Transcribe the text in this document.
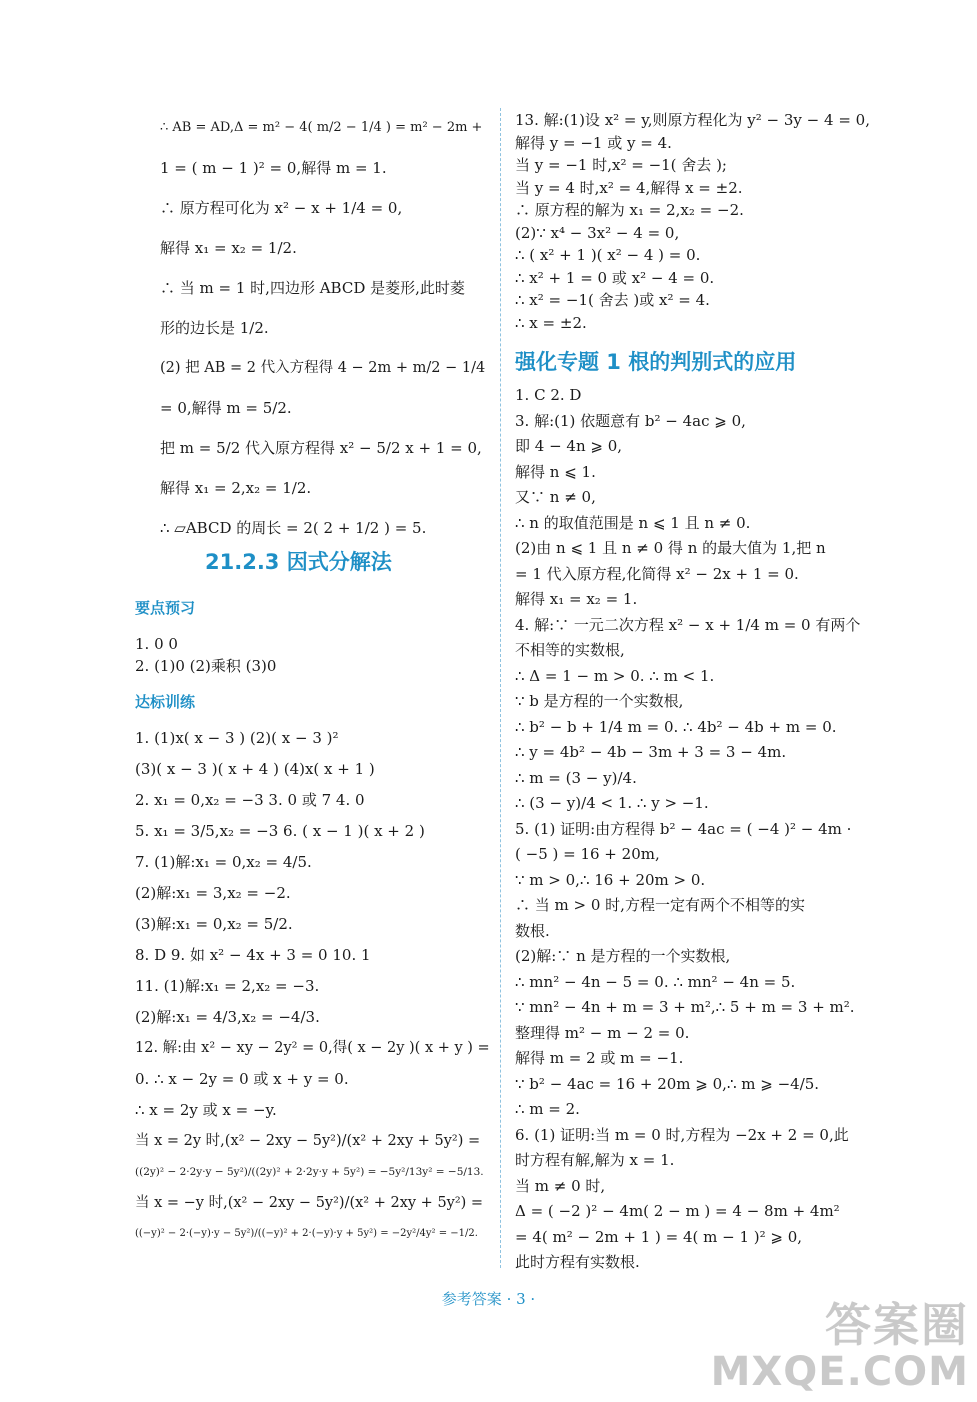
∴ AB = AD,Δ = m² − 4( m/2 − 1/4 ) = m² − 2m +
1 = ( m − 1 )² = 0,解得 m = 1.
∴ 原方程可化为 x² − x + 1/4 = 0,
解得 x₁ = x₂ = 1/2.
∴ 当 m = 1 时,四边形 ABCD 是菱形,此时菱
形的边长是 1/2.
(2) 把 AB = 2 代入方程得 4 − 2m + m/2 − 1/4
= 0,解得 m = 5/2.
把 m = 5/2 代入原方程得 x² − 5/2 x + 1 = 0,
解得 x₁ = 2,x₂ = 1/2.
∴ ▱ABCD 的周长 = 2( 2 + 1/2 ) = 5.
21.2.3 因式分解法
要点预习
1. 0 0
2. (1)0 (2)乘积 (3)0
达标训练
1. (1)x( x − 3 ) (2)( x − 3 )²
(3)( x − 3 )( x + 4 ) (4)x( x + 1 )
2. x₁ = 0,x₂ = −3 3. 0 或 7 4. 0
5. x₁ = 3/5,x₂ = −3 6. ( x − 1 )( x + 2 )
7. (1)解:x₁ = 0,x₂ = 4/5.
(2)解:x₁ = 3,x₂ = −2.
(3)解:x₁ = 0,x₂ = 5/2.
8. D 9. 如 x² − 4x + 3 = 0 10. 1
11. (1)解:x₁ = 2,x₂ = −3.
(2)解:x₁ = 4/3,x₂ = −4/3.
12. 解:由 x² − xy − 2y² = 0,得( x − 2y )( x + y ) =
0. ∴ x − 2y = 0 或 x + y = 0.
∴ x = 2y 或 x = −y.
当 x = 2y 时,(x² − 2xy − 5y²)/(x² + 2xy + 5y²) =
((2y)² − 2·2y·y − 5y²)/((2y)² + 2·2y·y + 5y²) = −5y²/13y² = −5/13.
当 x = −y 时,(x² − 2xy − 5y²)/(x² + 2xy + 5y²) =
((−y)² − 2·(−y)·y − 5y²)/((−y)² + 2·(−y)·y + 5y²) = −2y²/4y² = −1/2.
13. 解:(1)设 x² = y,则原方程化为 y² − 3y − 4 = 0,
解得 y = −1 或 y = 4.
当 y = −1 时,x² = −1( 舍去 );
当 y = 4 时,x² = 4,解得 x = ±2.
∴ 原方程的解为 x₁ = 2,x₂ = −2.
(2)∵ x⁴ − 3x² − 4 = 0,
∴ ( x² + 1 )( x² − 4 ) = 0.
∴ x² + 1 = 0 或 x² − 4 = 0.
∴ x² = −1( 舍去 )或 x² = 4.
∴ x = ±2.
强化专题 1 根的判别式的应用
1. C 2. D
3. 解:(1) 依题意有 b² − 4ac ⩾ 0,
即 4 − 4n ⩾ 0,
解得 n ⩽ 1.
又∵ n ≠ 0,
∴ n 的取值范围是 n ⩽ 1 且 n ≠ 0.
(2)由 n ⩽ 1 且 n ≠ 0 得 n 的最大值为 1,把 n
= 1 代入原方程,化简得 x² − 2x + 1 = 0.
解得 x₁ = x₂ = 1.
4. 解:∵ 一元二次方程 x² − x + 1/4 m = 0 有两个
不相等的实数根,
∴ Δ = 1 − m > 0. ∴ m < 1.
∵ b 是方程的一个实数根,
∴ b² − b + 1/4 m = 0. ∴ 4b² − 4b + m = 0.
∴ y = 4b² − 4b − 3m + 3 = 3 − 4m.
∴ m = (3 − y)/4.
∴ (3 − y)/4 < 1. ∴ y > −1.
5. (1) 证明:由方程得 b² − 4ac = ( −4 )² − 4m ·
( −5 ) = 16 + 20m,
∵ m > 0,∴ 16 + 20m > 0.
∴ 当 m > 0 时,方程一定有两个不相等的实
数根.
(2)解:∵ n 是方程的一个实数根,
∴ mn² − 4n − 5 = 0. ∴ mn² − 4n = 5.
∵ mn² − 4n + m = 3 + m²,∴ 5 + m = 3 + m².
整理得 m² − m − 2 = 0.
解得 m = 2 或 m = −1.
∵ b² − 4ac = 16 + 20m ⩾ 0,∴ m ⩾ −4/5.
∴ m = 2.
6. (1) 证明:当 m = 0 时,方程为 −2x + 2 = 0,此
时方程有解,解为 x = 1.
当 m ≠ 0 时,
Δ = ( −2 )² − 4m( 2 − m ) = 4 − 8m + 4m²
= 4( m² − 2m + 1 ) = 4( m − 1 )² ⩾ 0,
此时方程有实数根.
参考答案 · 3 ·	答案圈
MXQE.COM
